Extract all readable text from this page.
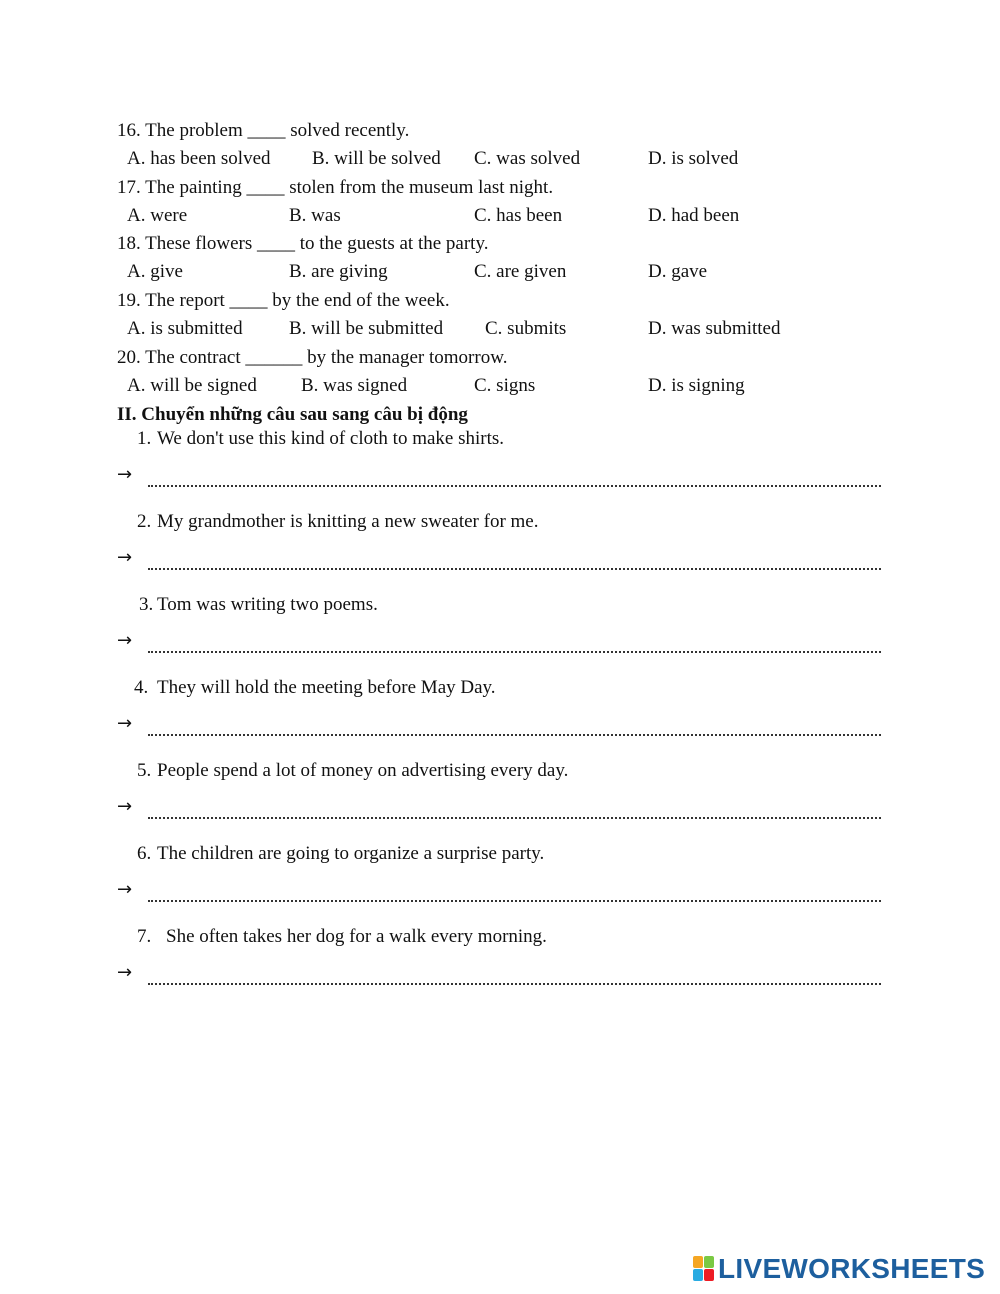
16. The problem ____ solved recently.
A. has been solved B. will be solved C. was solved	D. is solved
17. The painting ____ stolen from the museum last night.
A. were	B. was	C. has been	D. had been
18. These flowers ____ to the guests at the party.
A. give	B. are giving	C. are given	D. gave
19. The report ____ by the end of the week.
A. is submitted B. will be submitted C. submits	D. was submitted
20. The contract ______ by the manager tomorrow.
A. will be signed B. was signed	C. signs	D. is signing
II. Chuyển những câu sau sang câu bị động
1. We don't use this kind of cloth to make shirts.
→
2. My grandmother is knitting a new sweater for me.
→
3. Tom was writing two poems.
→
4. They will hold the meeting before May Day.
→
5. People spend a lot of money on advertising every day.
→
6. The children are going to organize a surprise party.
→
7. She often takes her dog for a walk every morning.
→
LIVEWORKSHEETS
